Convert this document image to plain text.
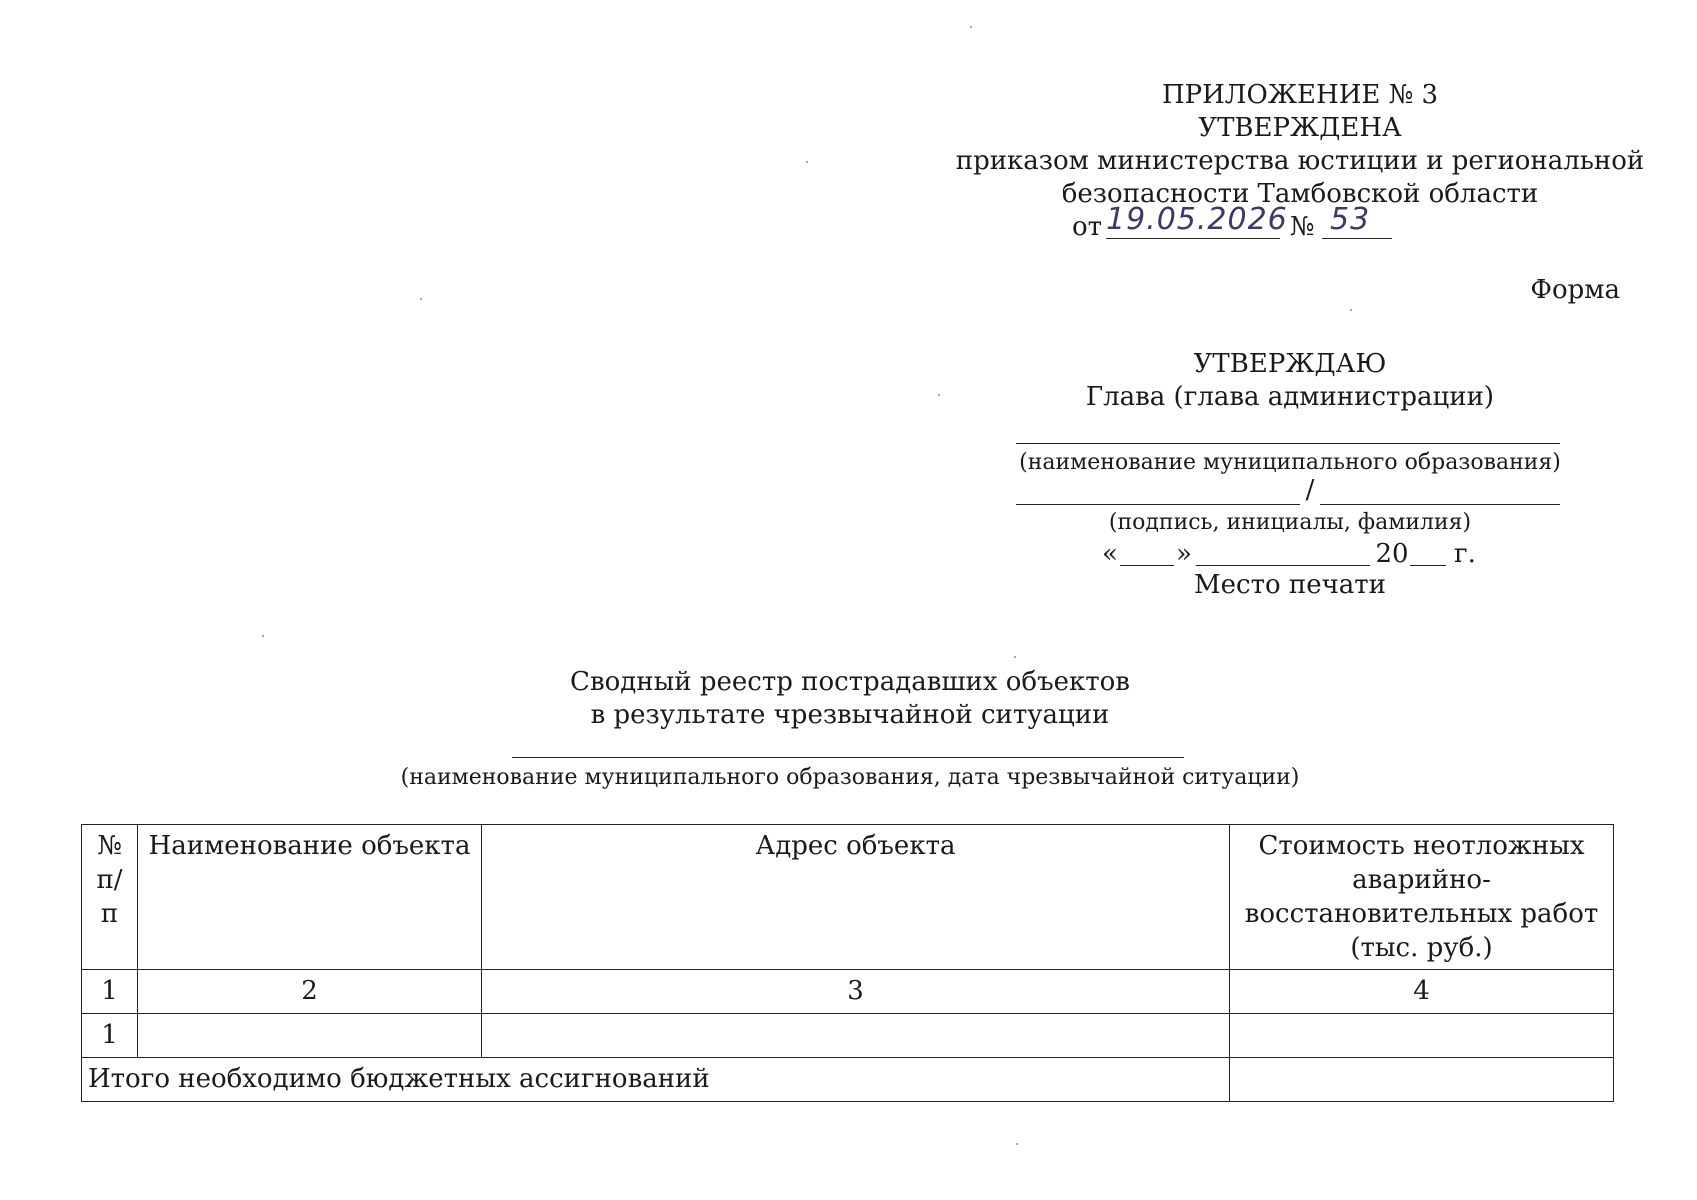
ПРИЛОЖЕНИЕ № 3
УТВЕРЖДЕНА
приказом министерства юстиции и региональной
безопасности Тамбовской области
от 19.05.2026 № 53
Форма
УТВЕРЖДАЮ
Глава (глава администрации)
(наименование муниципального образования)
/
(подпись, инициалы, фамилия)
« »	20 г.
Место печати
Сводный реестр пострадавших объектов
в результате чрезвычайной ситуации
(наименование муниципального образования, дата чрезвычайной ситуации)
№ п/п	Наименование объекта	Адрес объекта	Стоимость неотложных аварийно-восстановительных работ (тыс. руб.)
1	2	3	4
1			
Итого необходимо бюджетных ассигнований			
